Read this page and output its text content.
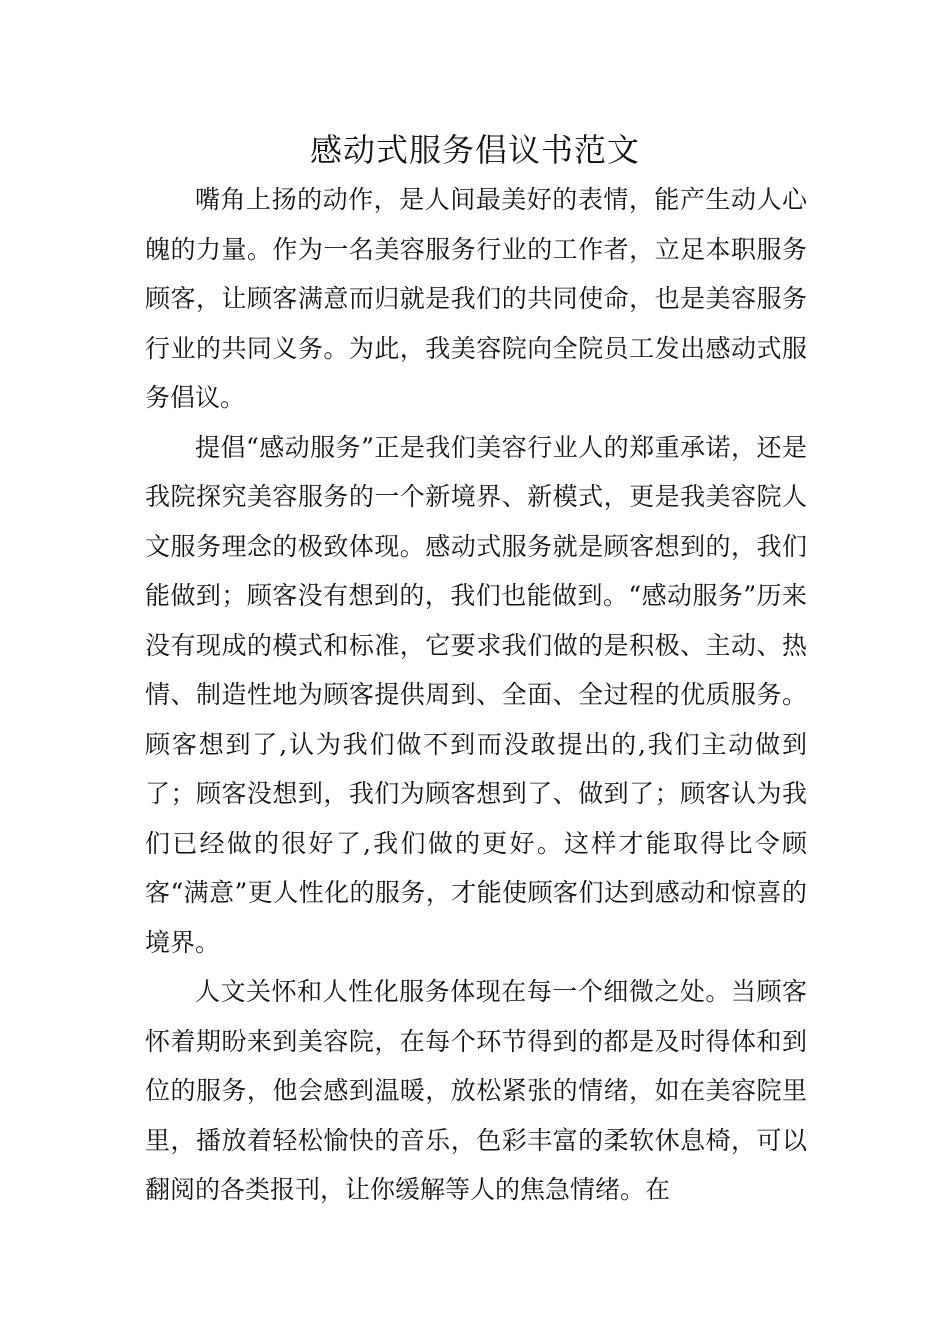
感动式服务倡议书范文

嘴角上扬的动作，是人间最美好的表情，能产生动人心魄的力量。作为一名美容服务行业的工作者，立足本职服务顾客，让顾客满意而归就是我们的共同使命，也是美容服务行业的共同义务。为此，我美容院向全院员工发出感动式服务倡议。

提倡“感动服务”正是我们美容行业人的郑重承诺，还是我院探究美容服务的一个新境界、新模式，更是我美容院人文服务理念的极致体现。感动式服务就是顾客想到的，我们能做到；顾客没有想到的，我们也能做到。“感动服务”历来没有现成的模式和标准，它要求我们做的是积极、主动、热情、制造性地为顾客提供周到、全面、全过程的优质服务。顾客想到了,认为我们做不到而没敢提出的,我们主动做到了；顾客没想到，我们为顾客想到了、做到了；顾客认为我们已经做的很好了,我们做的更好。这样才能取得比令顾客“满意”更人性化的服务，才能使顾客们达到感动和惊喜的境界。

人文关怀和人性化服务体现在每一个细微之处。当顾客怀着期盼来到美容院，在每个环节得到的都是及时得体和到位的服务，他会感到温暖，放松紧张的情绪，如在美容院里里，播放着轻松愉快的音乐，色彩丰富的柔软休息椅，可以翻阅的各类报刊，让你缓解等人的焦急情绪。在
